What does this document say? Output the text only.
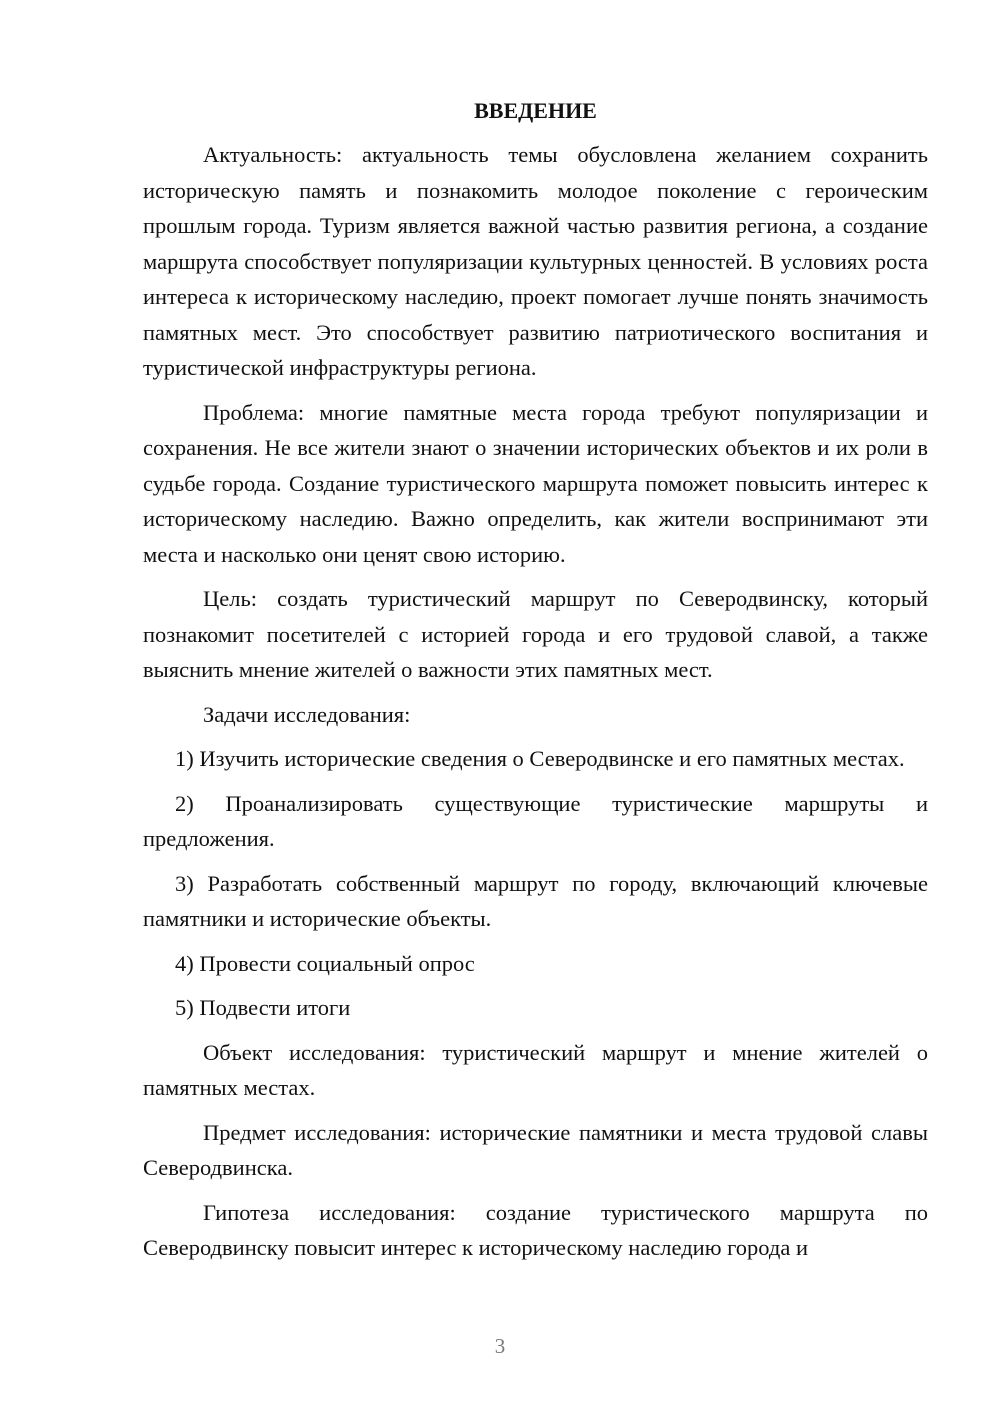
ВВЕДЕНИЕ

Актуальность: актуальность темы обусловлена желанием сохранить историческую память и познакомить молодое поколение с героическим прошлым города. Туризм является важной частью развития региона, а создание маршрута способствует популяризации культурных ценностей. В условиях роста интереса к историческому наследию, проект помогает лучше понять значимость памятных мест. Это способствует развитию патриотического воспитания и туристической инфраструктуры региона.

Проблема: многие памятные места города требуют популяризации и сохранения. Не все жители знают о значении исторических объектов и их роли в судьбе города. Создание туристического маршрута поможет повысить интерес к историческому наследию. Важно определить, как жители воспринимают эти места и насколько они ценят свою историю.

Цель: создать туристический маршрут по Северодвинску, который познакомит посетителей с историей города и его трудовой славой, а также выяснить мнение жителей о важности этих памятных мест.

Задачи исследования:

1) Изучить исторические сведения о Северодвинске и его памятных местах.

2) Проанализировать существующие туристические маршруты и предложения.

3) Разработать собственный маршрут по городу, включающий ключевые памятники и исторические объекты.

4) Провести социальный опрос

5) Подвести итоги

Объект исследования: туристический маршрут и мнение жителей о памятных местах.

Предмет исследования: исторические памятники и места трудовой славы Северодвинска.

Гипотеза исследования: создание туристического маршрута по Северодвинску повысит интерес к историческому наследию города и

3
